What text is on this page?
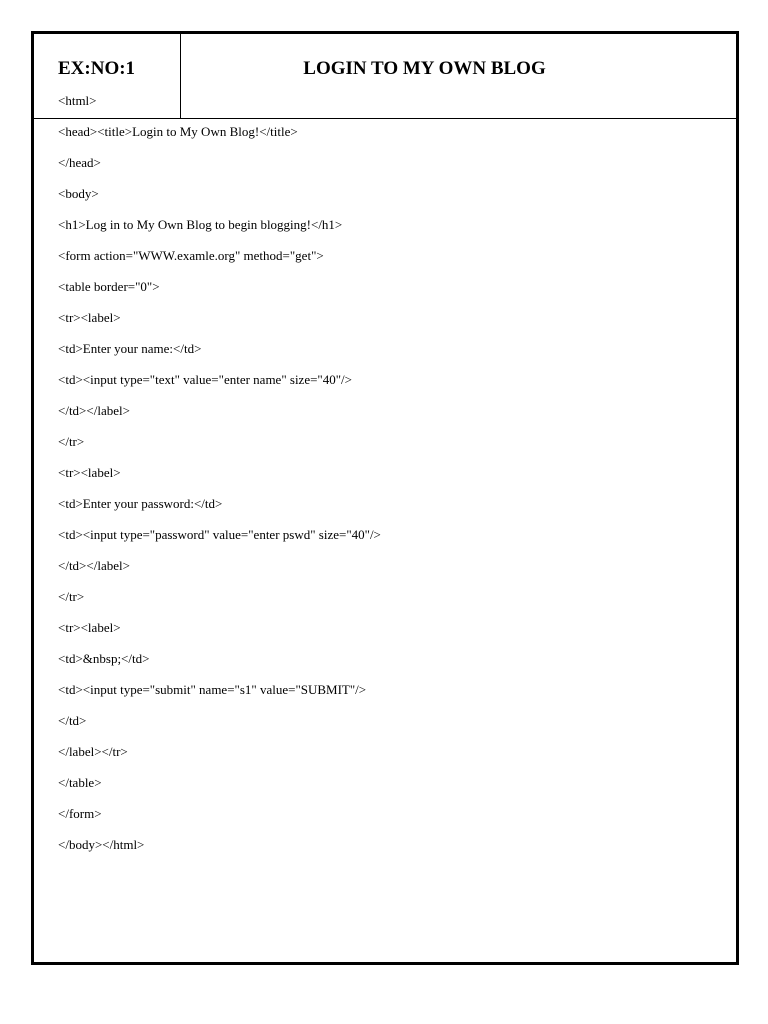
EX:NO:1	LOGIN TO MY OWN BLOG
<html>
<head><title>Login to My Own Blog!</title>
</head>
<body>
<h1>Log in to My Own Blog to begin blogging!</h1>
<form action="WWW.examle.org" method="get">
<table border="0">
<tr><label>
<td>Enter your name:</td>
<td><input type="text" value="enter name" size="40"/>
</td></label>
</tr>
<tr><label>
<td>Enter your password:</td>
<td><input type="password" value="enter pswd" size="40"/>
</td></label>
</tr>
<tr><label>
<td>&nbsp;</td>
<td><input type="submit" name="s1" value="SUBMIT"/>
</td>
</label></tr>
</table>
</form>
</body></html>
